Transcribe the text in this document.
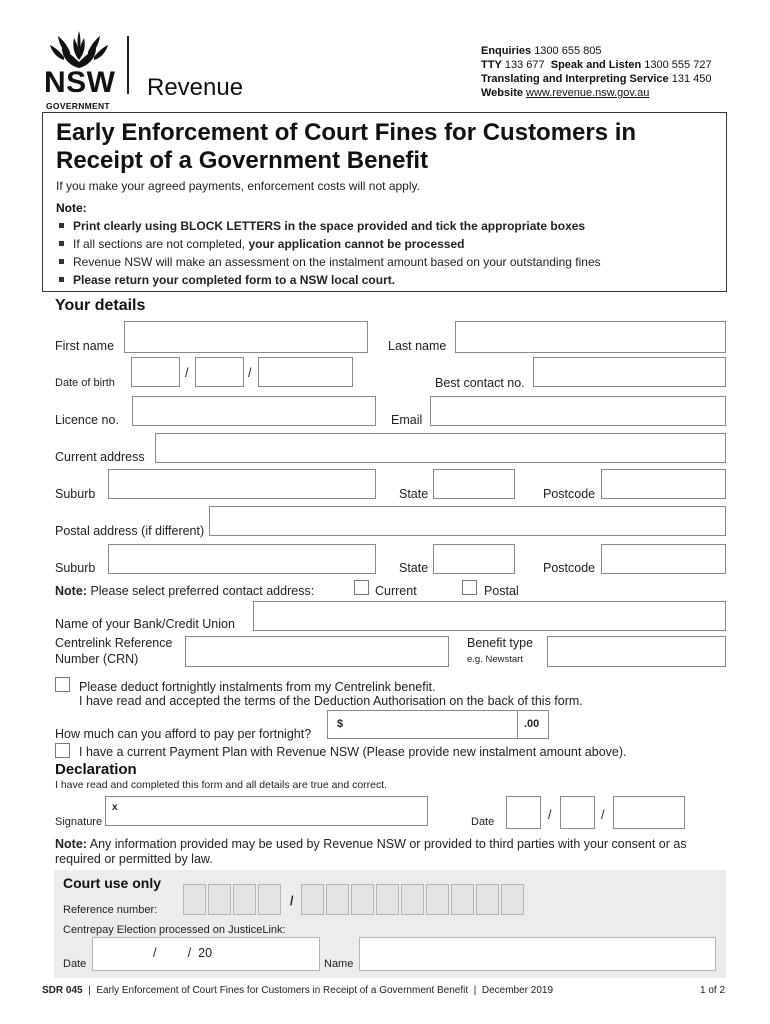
NSW
GOVERNMENT
Revenue
Enquiries 1300 655 805
TTY 133 677 Speak and Listen 1300 555 727
Translating and Interpreting Service 131 450
Website www.revenue.nsw.gov.au
Early Enforcement of Court Fines for Customers in Receipt of a Government Benefit
If you make your agreed payments, enforcement costs will not apply.
Note:
Print clearly using BLOCK LETTERS in the space provided and tick the appropriate boxes
If all sections are not completed, your application cannot be processed
Revenue NSW will make an assessment on the instalment amount based on your outstanding fines
Please return your completed form to a NSW local court.
Your details
First name	Last name
Date of birth
/	/
Best contact no.
Licence no.	Email
Current address
Suburb	State	Postcode
Postal address (if different)
Suburb	State	Postcode
Note: Please select preferred contact address:	Current	Postal
Name of your Bank/Credit Union
Centrelink Reference
Number (CRN)
Benefit type
e.g. Newstart
Please deduct fortnightly instalments from my Centrelink benefit.
I have read and accepted the terms of the Deduction Authorisation on the back of this form.
How much can you afford to pay per fortnight?
$	.00
I have a current Payment Plan with Revenue NSW (Please provide new instalment amount above).
Declaration
I have read and completed this form and all details are true and correct.
Signature
x
Date	/	/
Note: Any information provided may be used by Revenue NSW or provided to third parties with your consent or as
required or permitted by law.
Court use only
Reference number:
/
Centrepay Election processed on JusticeLink:
Date
/         /  20
Name
SDR 045 | Early Enforcement of Court Fines for Customers in Receipt of a Government Benefit | December 2019	1 of 2
